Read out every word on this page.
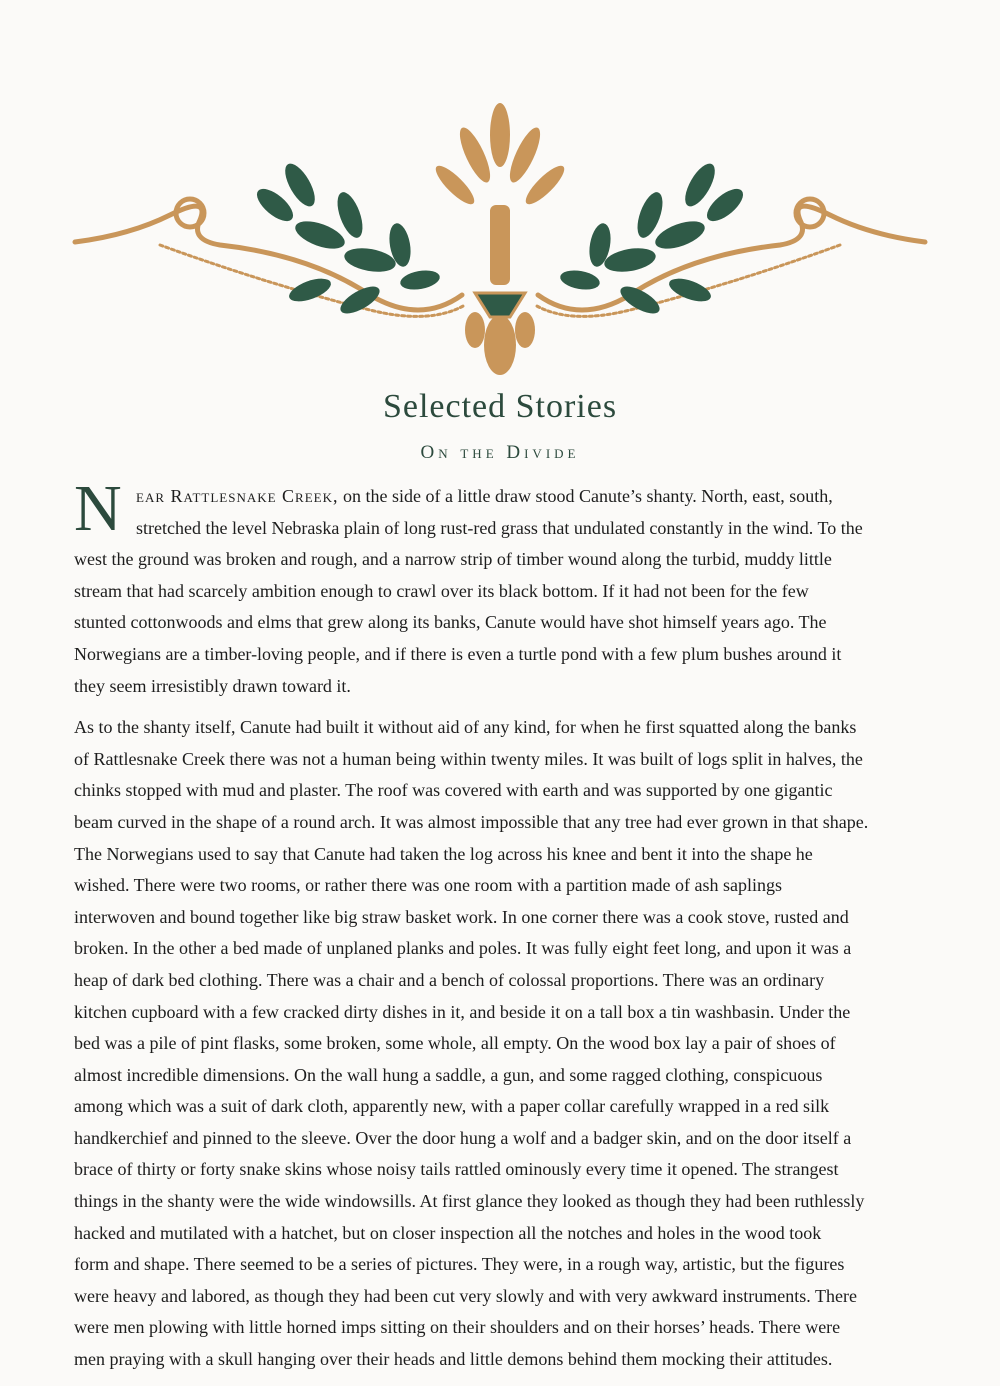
Selected Stories
On the Divide
N ear Rattlesnake Creek, on the side of a little draw stood Canute’s shanty. North, east, south,
stretched the level Nebraska plain of long rust-red grass that undulated constantly in the wind. To the
west the ground was broken and rough, and a narrow strip of timber wound along the turbid, muddy little
stream that had scarcely ambition enough to crawl over its black bottom. If it had not been for the few
stunted cottonwoods and elms that grew along its banks, Canute would have shot himself years ago. The
Norwegians are a timber-loving people, and if there is even a turtle pond with a few plum bushes around it
they seem irresistibly drawn toward it.

As to the shanty itself, Canute had built it without aid of any kind, for when he first squatted along the banks
of Rattlesnake Creek there was not a human being within twenty miles. It was built of logs split in halves, the
chinks stopped with mud and plaster. The roof was covered with earth and was supported by one gigantic
beam curved in the shape of a round arch. It was almost impossible that any tree had ever grown in that shape.
The Norwegians used to say that Canute had taken the log across his knee and bent it into the shape he
wished. There were two rooms, or rather there was one room with a partition made of ash saplings
interwoven and bound together like big straw basket work. In one corner there was a cook stove, rusted and
broken. In the other a bed made of unplaned planks and poles. It was fully eight feet long, and upon it was a
heap of dark bed clothing. There was a chair and a bench of colossal proportions. There was an ordinary
kitchen cupboard with a few cracked dirty dishes in it, and beside it on a tall box a tin washbasin. Under the
bed was a pile of pint flasks, some broken, some whole, all empty. On the wood box lay a pair of shoes of
almost incredible dimensions. On the wall hung a saddle, a gun, and some ragged clothing, conspicuous
among which was a suit of dark cloth, apparently new, with a paper collar carefully wrapped in a red silk
handkerchief and pinned to the sleeve. Over the door hung a wolf and a badger skin, and on the door itself a
brace of thirty or forty snake skins whose noisy tails rattled ominously every time it opened. The strangest
things in the shanty were the wide windowsills. At first glance they looked as though they had been ruthlessly
hacked and mutilated with a hatchet, but on closer inspection all the notches and holes in the wood took
form and shape. There seemed to be a series of pictures. They were, in a rough way, artistic, but the figures
were heavy and labored, as though they had been cut very slowly and with very awkward instruments. There
were men plowing with little horned imps sitting on their shoulders and on their horses’ heads. There were
men praying with a skull hanging over their heads and little demons behind them mocking their attitudes.
